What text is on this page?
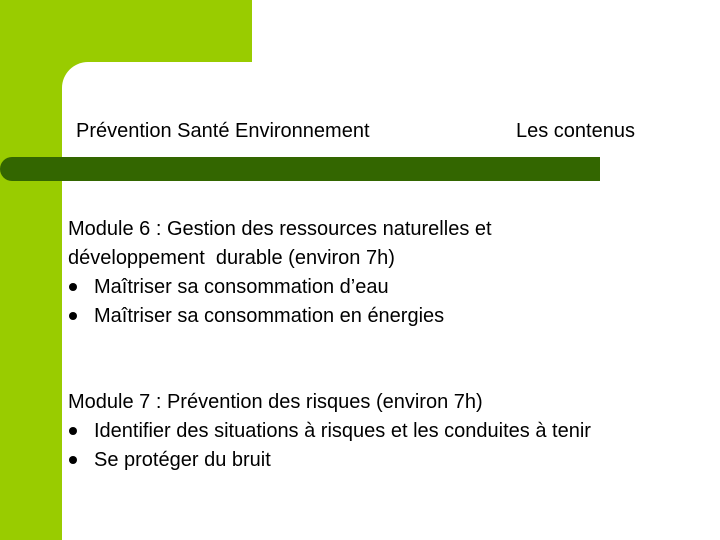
Prévention Santé Environnement	Les contenus
Module 6 : Gestion des ressources naturelles et
développement  durable (environ 7h)
Maîtriser sa consommation d’eau
Maîtriser sa consommation en énergies
Module 7 : Prévention des risques (environ 7h)
Identifier des situations à risques et les conduites à tenir
Se protéger du bruit
